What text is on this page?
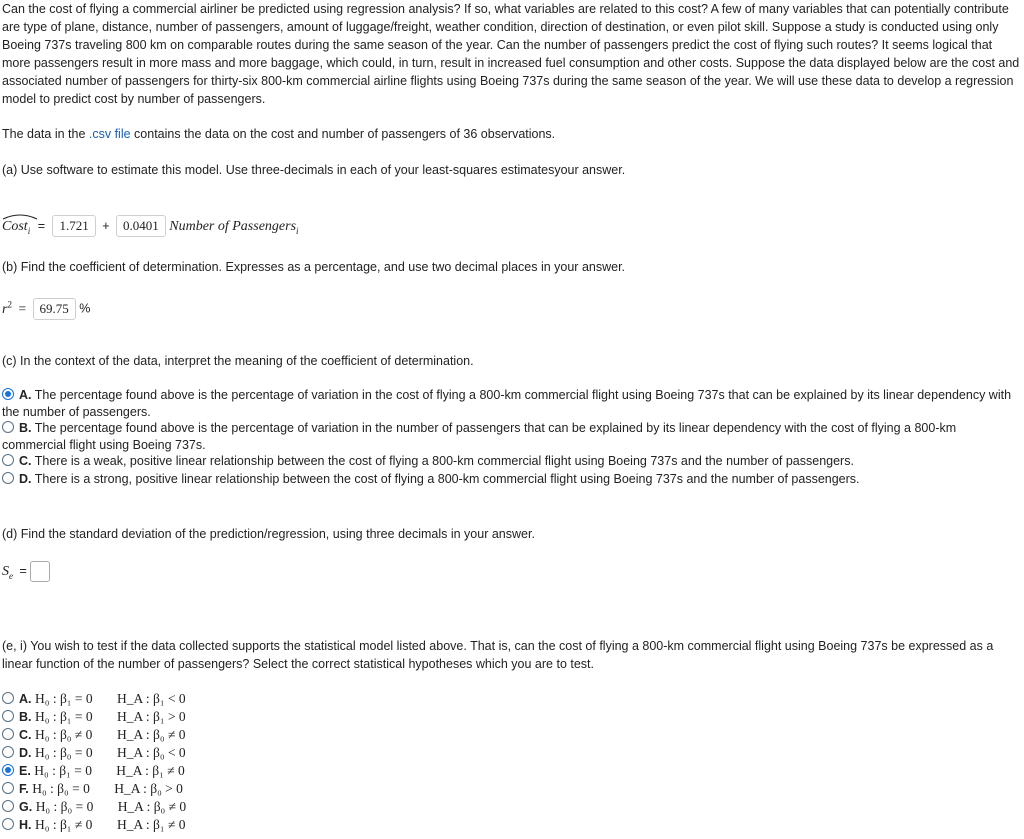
Can the cost of flying a commercial airliner be predicted using regression analysis? If so, what variables are related to this cost? A few of many variables that can potentially contribute are type of plane, distance, number of passengers, amount of luggage/freight, weather condition, direction of destination, or even pilot skill. Suppose a study is conducted using only Boeing 737s traveling 800 km on comparable routes during the same season of the year. Can the number of passengers predict the cost of flying such routes? It seems logical that more passengers result in more mass and more baggage, which could, in turn, result in increased fuel consumption and other costs. Suppose the data displayed below are the cost and associated number of passengers for thirty-six 800-km commercial airline flights using Boeing 737s during the same season of the year. We will use these data to develop a regression model to predict cost by number of passengers.

The data in the .csv file contains the data on the cost and number of passengers of 36 observations.

(a) Use software to estimate this model. Use three-decimals in each of your least-squares estimatesyour answer.

Cost$_i$ = 1.721 + 0.0401 Number of Passengers$_i$

(b) Find the coefficient of determination. Expresses as a percentage, and use two decimal places in your answer.

$r^2 = 69.75$ %

(c) In the context of the data, interpret the meaning of the coefficient of determination.

A. The percentage found above is the percentage of variation in the cost of flying a 800-km commercial flight using Boeing 737s that can be explained by its linear dependency with the number of passengers.
B. The percentage found above is the percentage of variation in the number of passengers that can be explained by its linear dependency with the cost of flying a 800-km commercial flight using Boeing 737s.
C. There is a weak, positive linear relationship between the cost of flying a 800-km commercial flight using Boeing 737s and the number of passengers.
D. There is a strong, positive linear relationship between the cost of flying a 800-km commercial flight using Boeing 737s and the number of passengers.

(d) Find the standard deviation of the prediction/regression, using three decimals in your answer.

$S_e$ =

(e, i) You wish to test if the data collected supports the statistical model listed above. That is, can the cost of flying a 800-km commercial flight using Boeing 737s be expressed as a linear function of the number of passengers? Select the correct statistical hypotheses which you are to test.

A. H₀ : β₁ = 0 H_A : β₁ < 0
B. H₀ : β₁ = 0 H_A : β₁ > 0
C. H₀ : β₀ ≠ 0 H_A : β₀ ≠ 0
D. H₀ : β₀ = 0 H_A : β₀ < 0
E. H₀ : β₁ = 0 H_A : β₁ ≠ 0
F. H₀ : β₀ = 0 H_A : β₀ > 0
G. H₀ : β₀ = 0 H_A : β₀ ≠ 0
H. H₀ : β₁ ≠ 0 H_A : β₁ ≠ 0
